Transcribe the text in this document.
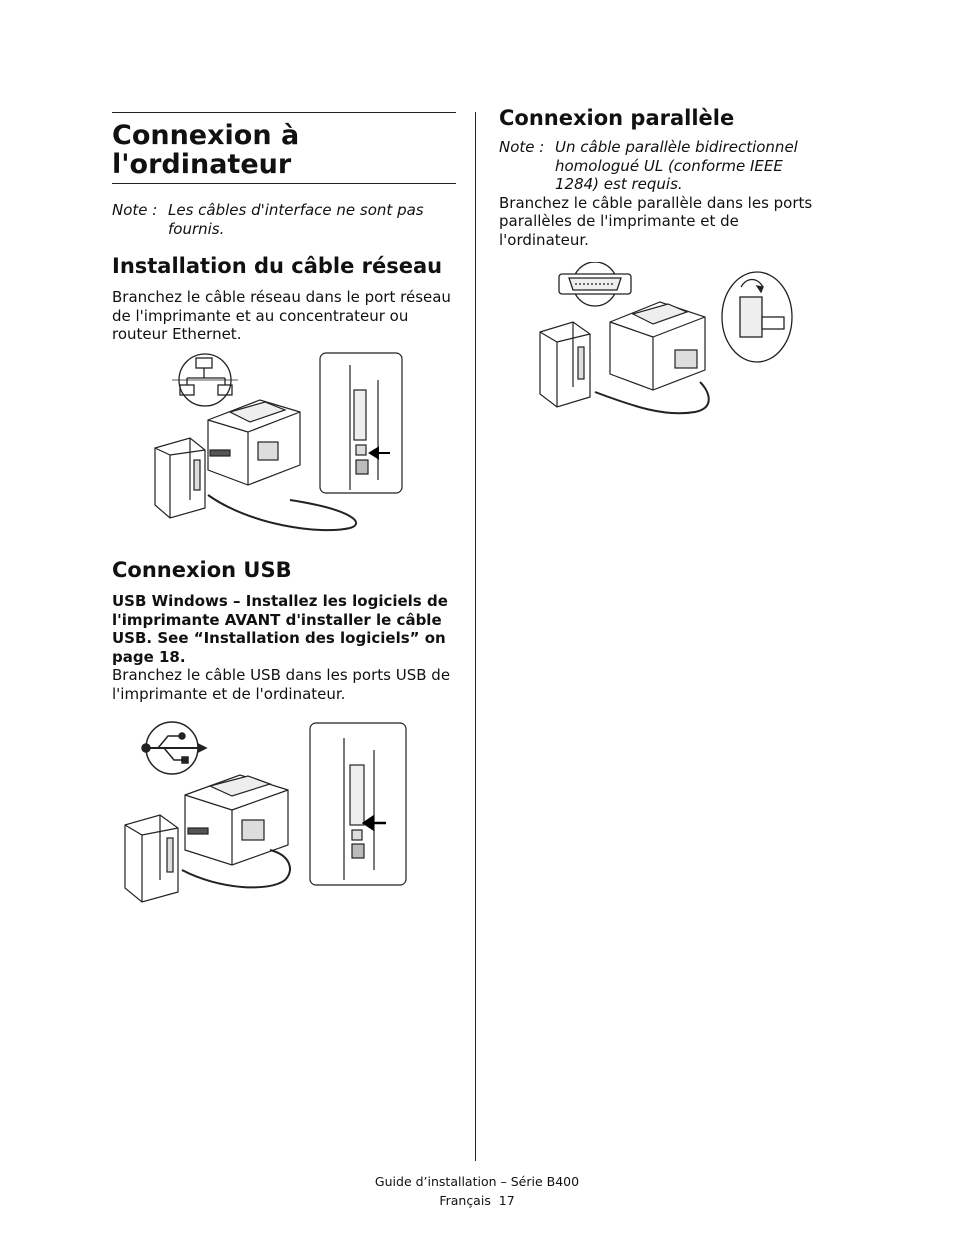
Connexion à l'ordinateur
Note : Les câbles d'interface ne sont pas fournis.
Installation du câble réseau

Branchez le câble réseau dans le port réseau de l'imprimante et au concentrateur ou routeur Ethernet.

Connexion USB

USB Windows – Installez les logiciels de l'imprimante AVANT d'installer le câble USB. See “Installation des logiciels” on page 18.

Branchez le câble USB dans les ports USB de l'imprimante et de l'ordinateur.

Connexion parallèle
Note : Un câble parallèle bidirectionnel homologué UL (conforme IEEE 1284) est requis.

Branchez le câble parallèle dans les ports parallèles de l'imprimante et de l'ordinateur.

Guide d’installation – Série B400
Français  17
